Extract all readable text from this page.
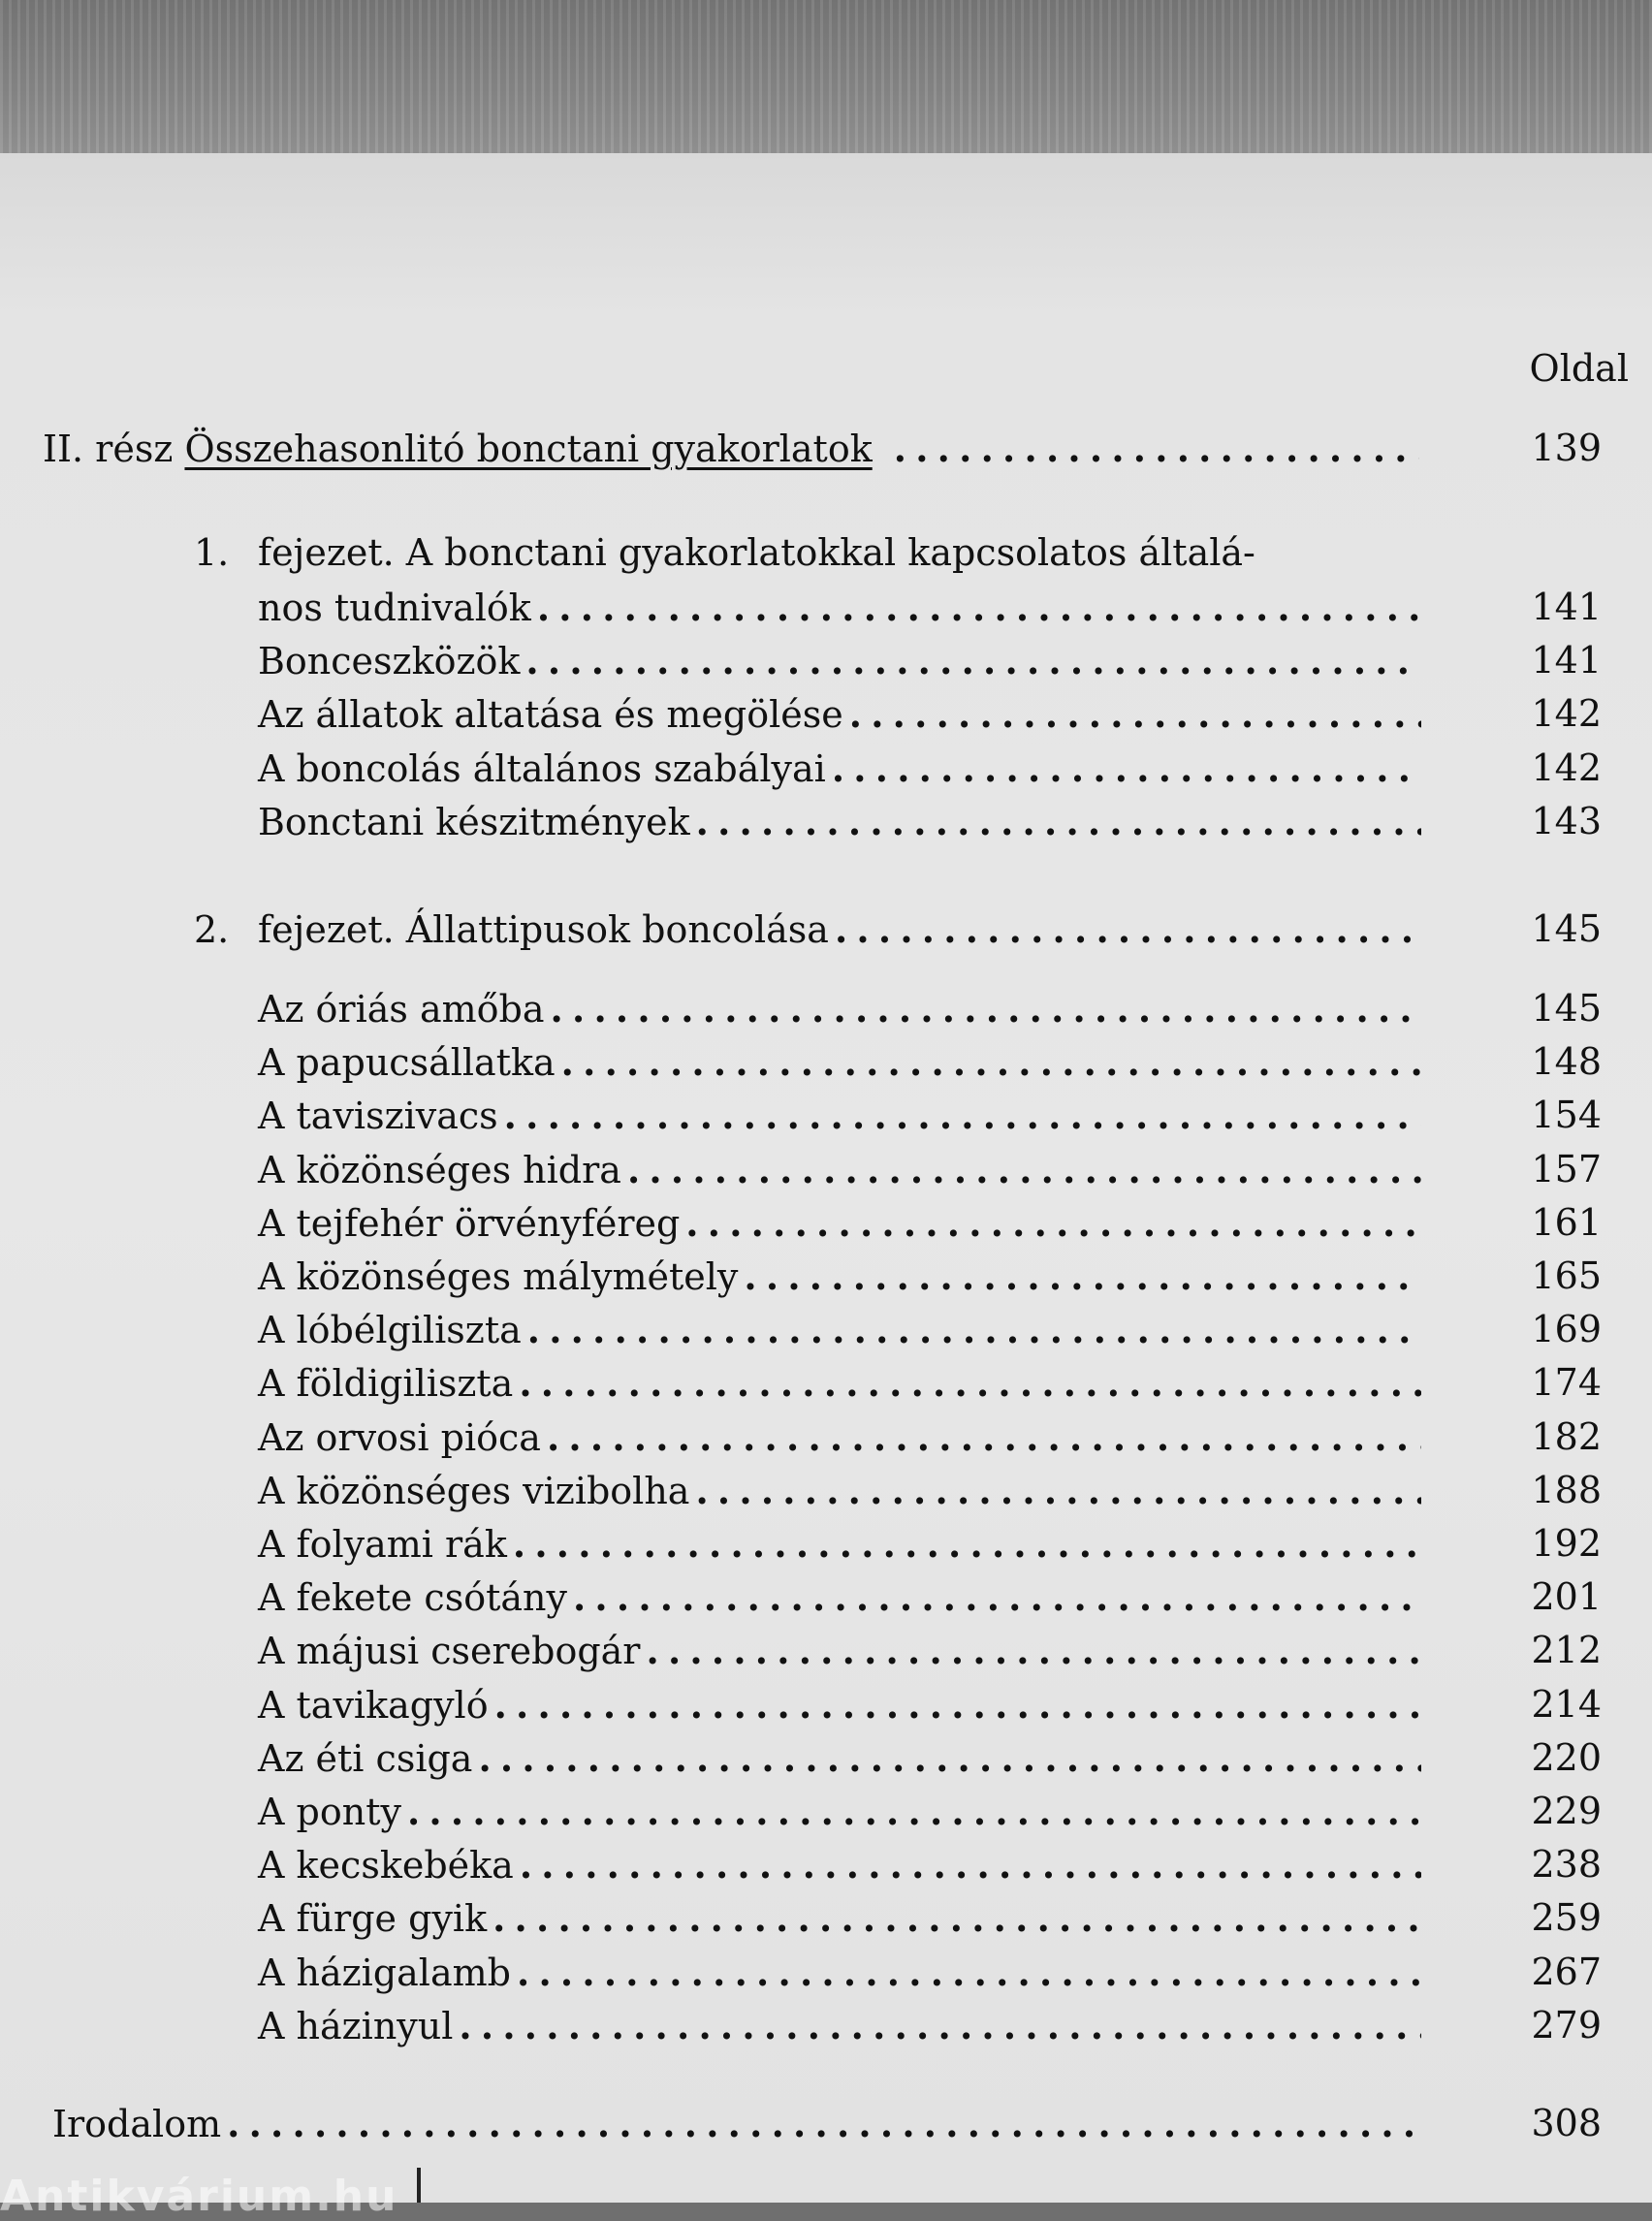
Oldal
II. rész
Összehasonlitó bonctani gyakorlatok . . .	139
1. fejezet. A bonctani gyakorlatokkal kapcsolatos általá-
nos tudnivalók . . .	141
Bonceszközök . . .	141
Az állatok altatása és megölése . . .	142
A boncolás általános szabályai . . .	142
Bonctani készitmények . . .	143
2. fejezet. Állattipusok boncolása . . .	145
Az óriás amőba . . .	145
A papucsállatka . . .	148
A taviszivacs . . .	154
A közönséges hidra . . .	157
A tejfehér örvényféreg . . .	161
A közönséges málymétely . . .	165
A lóbélgiliszta . . .	169
A földigiliszta . . .	174
Az orvosi pióca . . .	182
A közönséges vizibolha . . .	188
A folyami rák . . .	192
A fekete csótány . . .	201
A májusi cserebogár . . .	212
A tavikagyló . . .	214
Az éti csiga . . .	220
A ponty . . .	229
A kecskebéka . . .	238
A fürge gyik . . .	259
A házigalamb . . .	267
A házinyul . . .	279
Irodalom . . .	308
Antikvárium.hu
